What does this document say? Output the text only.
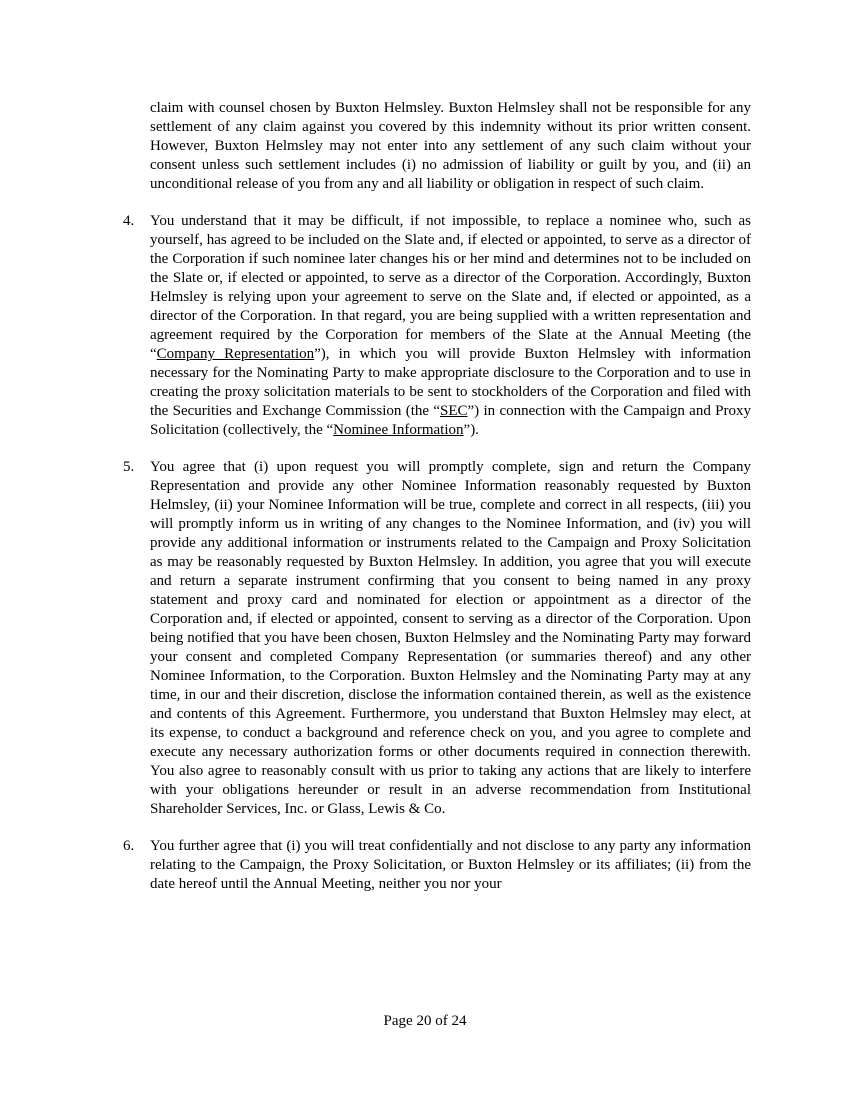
claim with counsel chosen by Buxton Helmsley. Buxton Helmsley shall not be responsible for any settlement of any claim against you covered by this indemnity without its prior written consent. However, Buxton Helmsley may not enter into any settlement of any such claim without your consent unless such settlement includes (i) no admission of liability or guilt by you, and (ii) an unconditional release of you from any and all liability or obligation in respect of such claim.

4.	You understand that it may be difficult, if not impossible, to replace a nominee who, such as yourself, has agreed to be included on the Slate and, if elected or appointed, to serve as a director of the Corporation if such nominee later changes his or her mind and determines not to be included on the Slate or, if elected or appointed, to serve as a director of the Corporation. Accordingly, Buxton Helmsley is relying upon your agreement to serve on the Slate and, if elected or appointed, as a director of the Corporation. In that regard, you are being supplied with a written representation and agreement required by the Corporation for members of the Slate at the Annual Meeting (the “Company Representation”), in which you will provide Buxton Helmsley with information necessary for the Nominating Party to make appropriate disclosure to the Corporation and to use in creating the proxy solicitation materials to be sent to stockholders of the Corporation and filed with the Securities and Exchange Commission (the “SEC”) in connection with the Campaign and Proxy Solicitation (collectively, the “Nominee Information”).

5.	You agree that (i) upon request you will promptly complete, sign and return the Company Representation and provide any other Nominee Information reasonably requested by Buxton Helmsley, (ii) your Nominee Information will be true, complete and correct in all respects, (iii) you will promptly inform us in writing of any changes to the Nominee Information, and (iv) you will provide any additional information or instruments related to the Campaign and Proxy Solicitation as may be reasonably requested by Buxton Helmsley. In addition, you agree that you will execute and return a separate instrument confirming that you consent to being named in any proxy statement and proxy card and nominated for election or appointment as a director of the Corporation and, if elected or appointed, consent to serving as a director of the Corporation. Upon being notified that you have been chosen, Buxton Helmsley and the Nominating Party may forward your consent and completed Company Representation (or summaries thereof) and any other Nominee Information, to the Corporation. Buxton Helmsley and the Nominating Party may at any time, in our and their discretion, disclose the information contained therein, as well as the existence and contents of this Agreement. Furthermore, you understand that Buxton Helmsley may elect, at its expense, to conduct a background and reference check on you, and you agree to complete and execute any necessary authorization forms or other documents required in connection therewith. You also agree to reasonably consult with us prior to taking any actions that are likely to interfere with your obligations hereunder or result in an adverse recommendation from Institutional Shareholder Services, Inc. or Glass, Lewis & Co.

6.	You further agree that (i) you will treat confidentially and not disclose to any party any information relating to the Campaign, the Proxy Solicitation, or Buxton Helmsley or its affiliates; (ii) from the date hereof until the Annual Meeting, neither you nor your

Page 20 of 24
